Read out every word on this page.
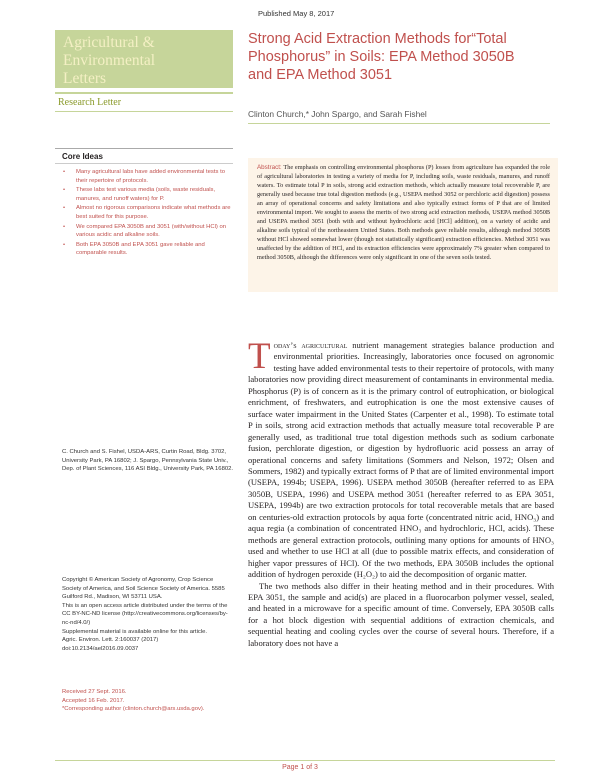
Published May 8, 2017
Agricultural &
Environmental
Letters
Research Letter
Strong Acid Extraction Methods for“Total
Phosphorus” in Soils: EPA Method 3050B
and EPA Method 3051
Clinton Church,* John Spargo, and Sarah Fishel
Core Ideas
• Many agricultural labs have added environmental tests to their repertoire of protocols.
• These labs test various media (soils, waste residuals, manures, and runoff waters) for P.
• Almost no rigorous comparisons indicate what methods are best suited for this purpose.
• We compared EPA 3050B and 3051 (with/without HCl) on various acidic and alkaline soils.
• Both EPA 3050B and EPA 3051 gave reliable and comparable results.
Abstract: The emphasis on controlling environmental phosphorus (P) losses from agriculture has expanded the role of agricultural laboratories in testing a variety of media for P, including soils, waste residuals, manures, and runoff waters. To estimate total P in soils, strong acid extraction methods, which actually measure total recoverable P, are generally used because true total digestion methods (e.g., USEPA method 3052 or perchloric acid digestion) possess an array of operational concerns and safety limitations and also typically extract forms of P that are of limited environmental import. We sought to assess the merits of two strong acid extraction methods, USEPA method 3050B and USEPA method 3051 (both with and without hydrochloric acid [HCl] addition), on a variety of acidic and alkaline soils typical of the northeastern United States. Both methods gave reliable results, although method 3050B without HCl showed somewhat lower (though not statistically significant) extraction efficiencies. Method 3051 was unaffected by the addition of HCl, and its extraction efficiencies were approximately 7% greater when compared to method 3050B, although the differences were only significant in one of the seven soils tested.
C. Church and S. Fishel, USDA-ARS, Curtin Road, Bldg. 3702, University Park, PA 16802; J. Spargo, Pennsylvania State Univ., Dep. of Plant Sciences, 116 ASI Bldg., University Park, PA 16802.

Copyright © American Society of Agronomy, Crop Science Society of America, and Soil Science Society of America. 5585 Guilford Rd., Madison, WI 53711 USA.

This is an open access article distributed under the terms of the CC BY-NC-ND license (http://creativecommons.org/licenses/by-nc-nd/4.0/)

Supplemental material is available online for this article.

Agric. Environ. Lett. 2:160037 (2017)

doi:10.2134/ael2016.09.0037

Received 27 Sept. 2016.
Accepted 16 Feb. 2017.
*Corresponding author (clinton.church@ars.usda.gov).

Today’s agricultural nutrient management strategies balance production and environmental priorities. Increasingly, laboratories once focused on agronomic testing have added environmental tests to their repertoire of protocols, with many laboratories now providing direct measurement of contaminants in environmental media. Phosphorus (P) is of concern as it is the primary control of eutrophication, or biological enrichment, of freshwaters, and eutrophication is one the most extensive causes of surface water impairment in the United States (Carpenter et al., 1998). To estimate total P in soils, strong acid extraction methods that actually measure total recoverable P are generally used, as traditional true total digestion methods such as sodium carbonate fusion, perchlorate digestion, or digestion by hydrofluoric acid possess an array of operational concerns and safety limitations (Sommers and Nelson, 1972; Olsen and Sommers, 1982) and typically extract forms of P that are of limited environmental import (USEPA, 1994b; USEPA, 1996). USEPA method 3050B (hereafter referred to as EPA 3050B, USEPA, 1996) and USEPA method 3051 (hereafter referred to as EPA 3051, USEPA, 1994b) are two extraction protocols for total recoverable metals that are based on centuries-old extraction protocols by aqua forte (concentrated nitric acid, HNO₃) and aqua regia (a combination of concentrated HNO₃ and hydrochloric, HCl, acids). These methods are general extraction protocols, outlining many options for amounts of HNO₃ used and whether to use HCl at all (due to possible matrix effects, and consideration of higher vapor pressures of HCl). Of the two methods, EPA 3050B includes the optional addition of hydrogen peroxide (H₂O₂) to aid the decomposition of organic matter.

The two methods also differ in their heating method and in their procedures. With EPA 3051, the sample and acid(s) are placed in a fluorocarbon polymer vessel, sealed, and heated in a microwave for a specific amount of time. Conversely, EPA 3050B calls for a hot block digestion with sequential additions of extraction chemicals, and sequential heating and cooling cycles over the course of several hours. Therefore, if a laboratory does not have a

Page 1 of 3
